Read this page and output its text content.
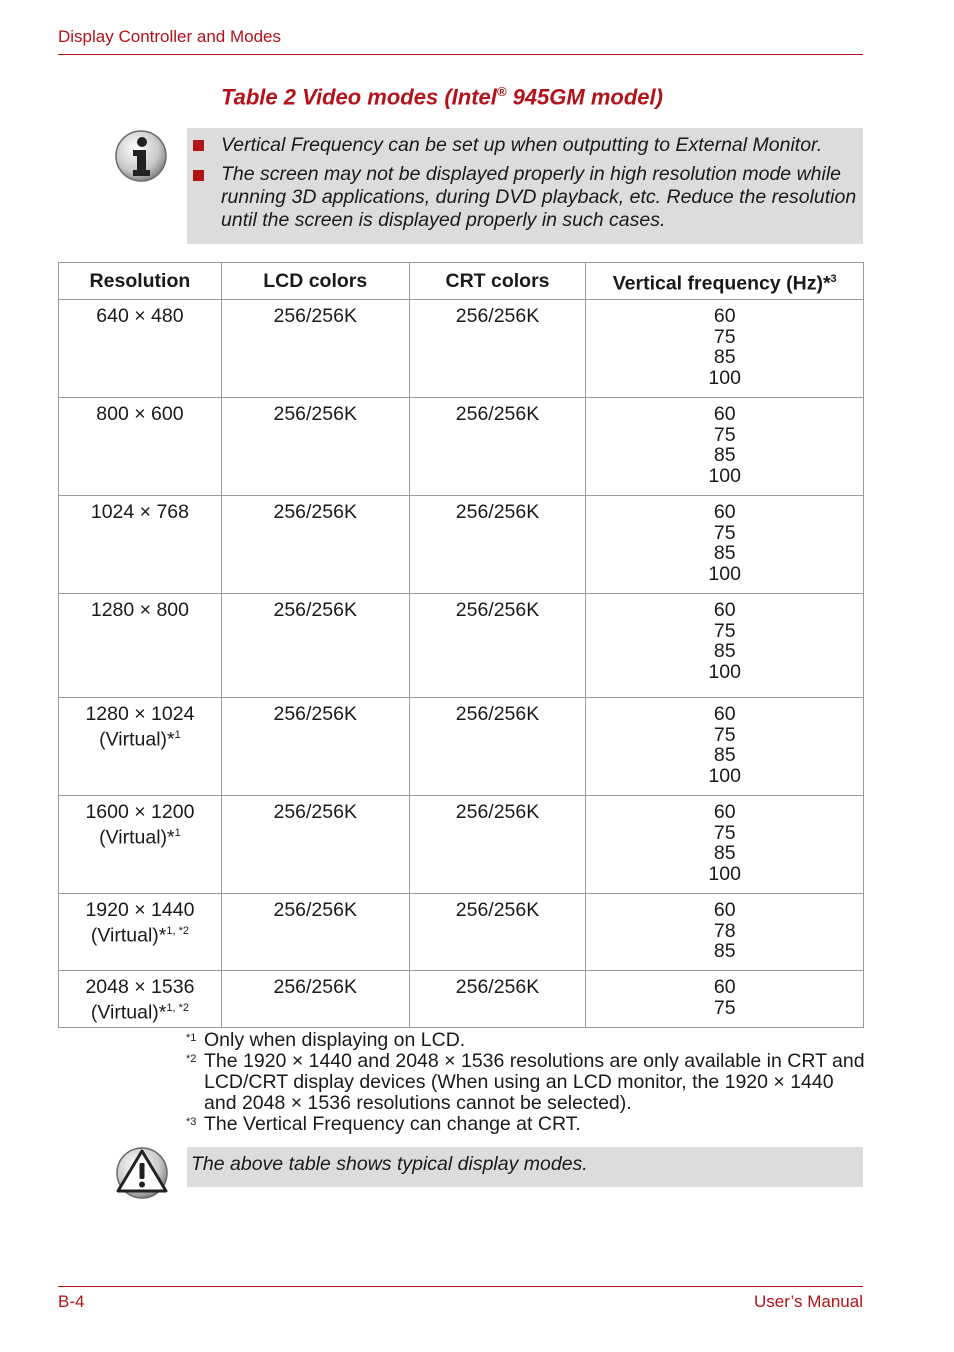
Display Controller and Modes
Table 2 Video modes (Intel® 945GM model)
Vertical Frequency can be set up when outputting to External Monitor.
The screen may not be displayed properly in high resolution mode while running 3D applications, during DVD playback, etc. Reduce the resolution until the screen is displayed properly in such cases.
Resolution	LCD colors	CRT colors	Vertical frequency (Hz)*$^3$

640 × 480	256/256K	256/256K	60
75
85
100

800 × 600	256/256K	256/256K	60
75
85
100

1024 × 768	256/256K	256/256K	60
75
85
100

1280 × 800	256/256K	256/256K	60
75
85
100

1280 × 1024
(Virtual)*$^1$	256/256K	256/256K	60
75
85
100

1600 × 1200
(Virtual)*$^1$	256/256K	256/256K	60
75
85
100

1920 × 1440
(Virtual)*$^{1, *2}$	256/256K	256/256K	60
78
85

2048 × 1536
(Virtual)*$^{1, *2}$	256/256K	256/256K	60
75
*1 Only when displaying on LCD.
*2 The 1920 × 1440 and 2048 × 1536 resolutions are only available in CRT and LCD/CRT display devices (When using an LCD monitor, the 1920 × 1440 and 2048 × 1536 resolutions cannot be selected).
*3 The Vertical Frequency can change at CRT.
The above table shows typical display modes.
B-4	User’s Manual
